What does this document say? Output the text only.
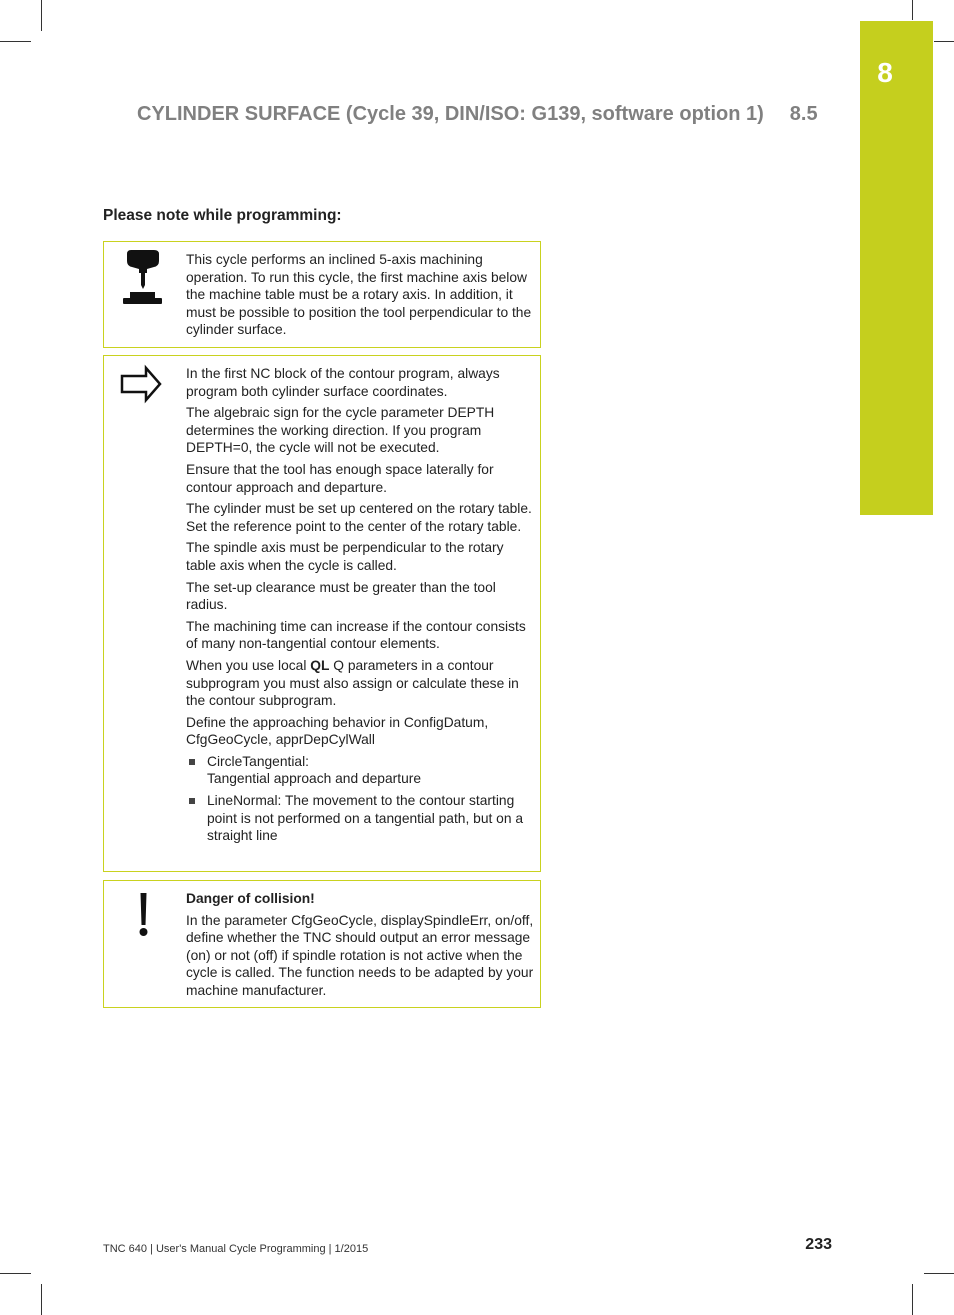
8
CYLINDER SURFACE (Cycle 39, DIN/ISO: G139, software option 1) 8.5
Please note while programming:

This cycle performs an inclined 5-axis machining operation. To run this cycle, the first machine axis below the machine table must be a rotary axis. In addition, it must be possible to position the tool perpendicular to the cylinder surface.

In the first NC block of the contour program, always program both cylinder surface coordinates.

The algebraic sign for the cycle parameter DEPTH determines the working direction. If you program DEPTH=0, the cycle will not be executed.

Ensure that the tool has enough space laterally for contour approach and departure.

The cylinder must be set up centered on the rotary table. Set the reference point to the center of the rotary table.

The spindle axis must be perpendicular to the rotary table axis when the cycle is called.

The set-up clearance must be greater than the tool radius.

The machining time can increase if the contour consists of many non-tangential contour elements.

When you use local QL Q parameters in a contour subprogram you must also assign or calculate these in the contour subprogram.

Define the approaching behavior in ConfigDatum, CfgGeoCycle, apprDepCylWall

CircleTangential:
Tangential approach and departure
LineNormal: The movement to the contour starting point is not performed on a tangential path, but on a straight line

Danger of collision!

In the parameter CfgGeoCycle, displaySpindleErr, on/off, define whether the TNC should output an error message (on) or not (off) if spindle rotation is not active when the cycle is called. The function needs to be adapted by your machine manufacturer.

TNC 640 | User's Manual Cycle Programming | 1/2015	233
